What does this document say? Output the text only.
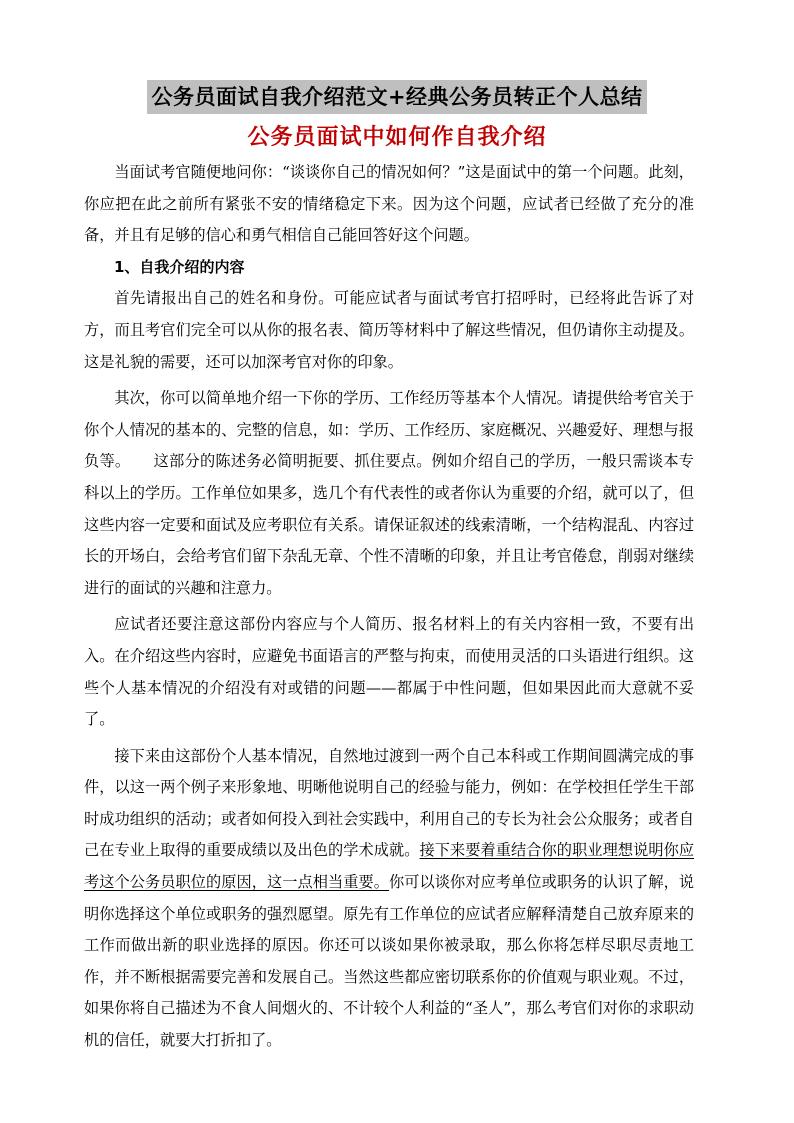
公务员面试自我介绍范文+经典公务员转正个人总结
公务员面试中如何作自我介绍

当面试考官随便地问你：“谈谈你自己的情况如何？”这是面试中的第一个问题。此刻，你应把在此之前所有紧张不安的情绪稳定下来。因为这个问题，应试者已经做了充分的准备，并且有足够的信心和勇气相信自己能回答好这个问题。

1、自我介绍的内容

首先请报出自己的姓名和身份。可能应试者与面试考官打招呼时，已经将此告诉了对方，而且考官们完全可以从你的报名表、简历等材料中了解这些情况，但仍请你主动提及。这是礼貌的需要，还可以加深考官对你的印象。

其次，你可以简单地介绍一下你的学历、工作经历等基本个人情况。请提供给考官关于你个人情况的基本的、完整的信息，如：学历、工作经历、家庭概况、兴趣爱好、理想与报负等。　　这部分的陈述务必简明扼要、抓住要点。例如介绍自己的学历，一般只需谈本专科以上的学历。工作单位如果多，选几个有代表性的或者你认为重要的介绍，就可以了，但这些内容一定要和面试及应考职位有关系。请保证叙述的线索清晰，一个结构混乱、内容过长的开场白，会给考官们留下杂乱无章、个性不清晰的印象，并且让考官倦怠，削弱对继续进行的面试的兴趣和注意力。

应试者还要注意这部份内容应与个人简历、报名材料上的有关内容相一致，不要有出入。在介绍这些内容时，应避免书面语言的严整与拘束，而使用灵活的口头语进行组织。这些个人基本情况的介绍没有对或错的问题——都属于中性问题，但如果因此而大意就不妥了。

接下来由这部份个人基本情况，自然地过渡到一两个自己本科或工作期间圆满完成的事件，以这一两个例子来形象地、明晰他说明自己的经验与能力，例如：在学校担任学生干部时成功组织的活动；或者如何投入到社会实践中，利用自己的专长为社会公众服务；或者自己在专业上取得的重要成绩以及出色的学术成就。接下来要着重结合你的职业理想说明你应考这个公务员职位的原因，这一点相当重要。你可以谈你对应考单位或职务的认识了解，说明你选择这个单位或职务的强烈愿望。原先有工作单位的应试者应解释清楚自己放弃原来的工作而做出新的职业选择的原因。你还可以谈如果你被录取，那么你将怎样尽职尽责地工作，并不断根据需要完善和发展自己。当然这些都应密切联系你的价值观与职业观。不过，如果你将自己描述为不食人间烟火的、不计较个人利益的“圣人”，那么考官们对你的求职动机的信任，就要大打折扣了。
